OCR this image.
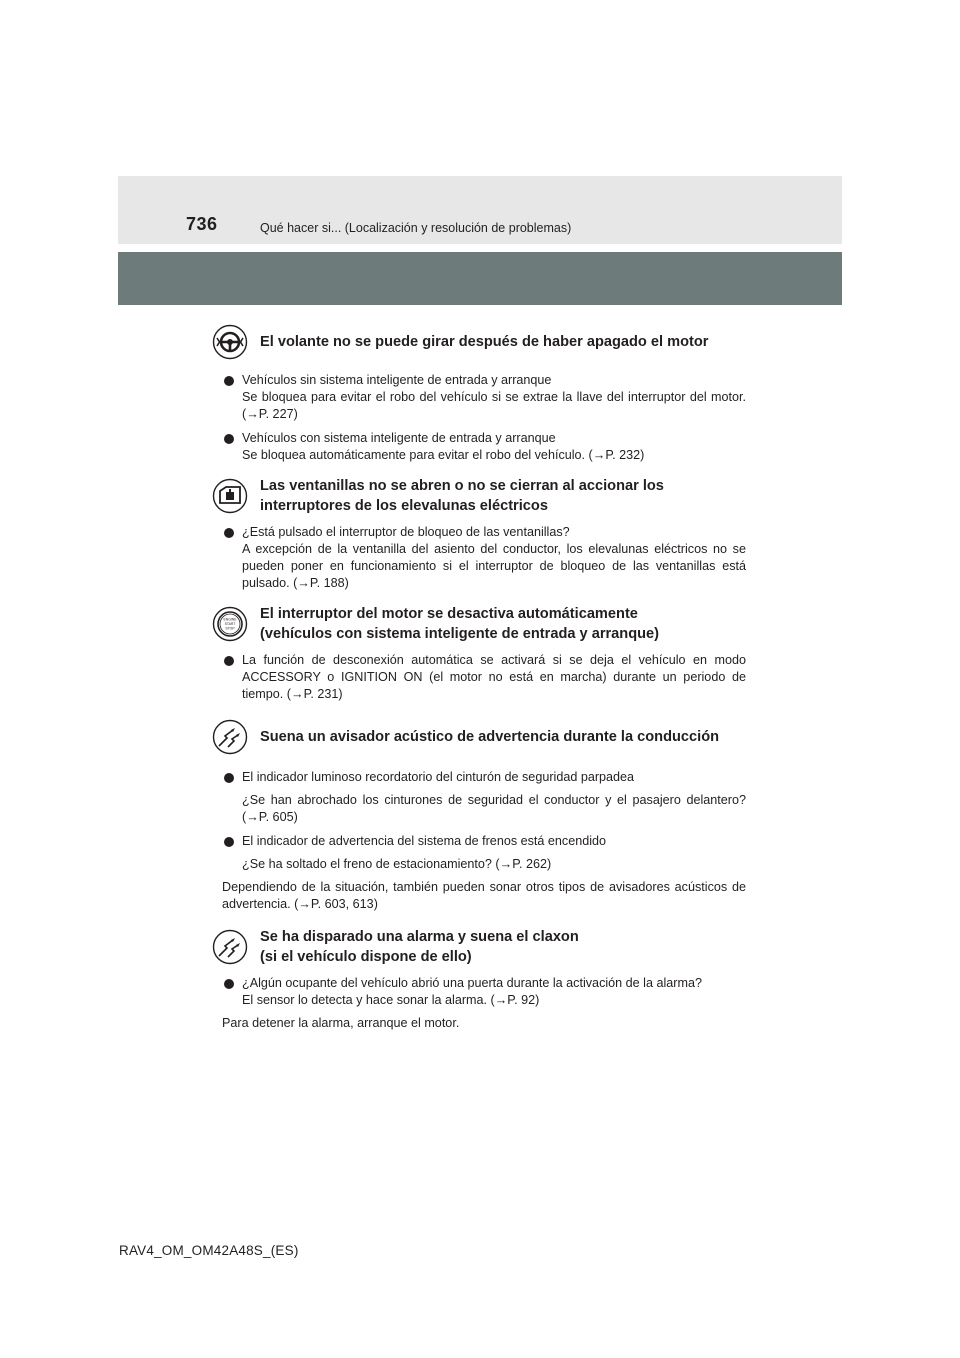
736	Qué hacer si... (Localización y resolución de problemas)
El volante no se puede girar después de haber apagado el motor
Vehículos sin sistema inteligente de entrada y arranque
Se bloquea para evitar el robo del vehículo si se extrae la llave del interruptor del motor. (→P. 227)
Vehículos con sistema inteligente de entrada y arranque
Se bloquea automáticamente para evitar el robo del vehículo. (→P. 232)
Las ventanillas no se abren o no se cierran al accionar los
interruptores de los elevalunas eléctricos
¿Está pulsado el interruptor de bloqueo de las ventanillas?
A excepción de la ventanilla del asiento del conductor, los elevalunas eléctricos no se pueden poner en funcionamiento si el interruptor de bloqueo de las ventanillas está pulsado. (→P. 188)
ENGINE
START
STOP
El interruptor del motor se desactiva automáticamente
(vehículos con sistema inteligente de entrada y arranque)
La función de desconexión automática se activará si se deja el vehículo en modo ACCESSORY o IGNITION ON (el motor no está en marcha) durante un periodo de tiempo. (→P. 231)
Suena un avisador acústico de advertencia durante la conducción
El indicador luminoso recordatorio del cinturón de seguridad parpadea
¿Se han abrochado los cinturones de seguridad el conductor y el pasajero delantero? (→P. 605)
El indicador de advertencia del sistema de frenos está encendido
¿Se ha soltado el freno de estacionamiento? (→P. 262)
Dependiendo de la situación, también pueden sonar otros tipos de avisadores acústicos de advertencia. (→P. 603, 613)
Se ha disparado una alarma y suena el claxon
(si el vehículo dispone de ello)
¿Algún ocupante del vehículo abrió una puerta durante la activación de la alarma?
El sensor lo detecta y hace sonar la alarma. (→P. 92)
Para detener la alarma, arranque el motor.
RAV4_OM_OM42A48S_(ES)
